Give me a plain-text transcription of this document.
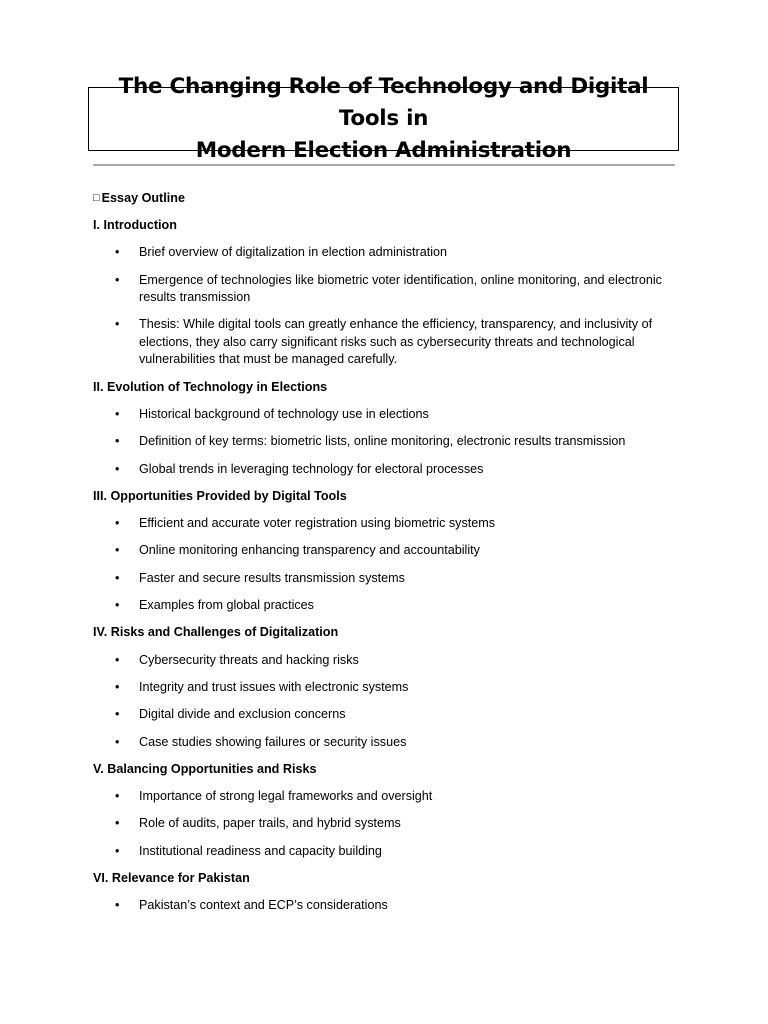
The Changing Role of Technology and Digital Tools in
Modern Election Administration
□ Essay Outline
I. Introduction
• Brief overview of digitalization in election administration
• Emergence of technologies like biometric voter identification, online monitoring, and electronic results transmission
• Thesis: While digital tools can greatly enhance the efficiency, transparency, and inclusivity of elections, they also carry significant risks such as cybersecurity threats and technological vulnerabilities that must be managed carefully.
II. Evolution of Technology in Elections
• Historical background of technology use in elections
• Definition of key terms: biometric lists, online monitoring, electronic results transmission
• Global trends in leveraging technology for electoral processes
III. Opportunities Provided by Digital Tools
• Efficient and accurate voter registration using biometric systems
• Online monitoring enhancing transparency and accountability
• Faster and secure results transmission systems
• Examples from global practices
IV. Risks and Challenges of Digitalization
• Cybersecurity threats and hacking risks
• Integrity and trust issues with electronic systems
• Digital divide and exclusion concerns
• Case studies showing failures or security issues
V. Balancing Opportunities and Risks
• Importance of strong legal frameworks and oversight
• Role of audits, paper trails, and hybrid systems
• Institutional readiness and capacity building
VI. Relevance for Pakistan
• Pakistan’s context and ECP’s considerations
